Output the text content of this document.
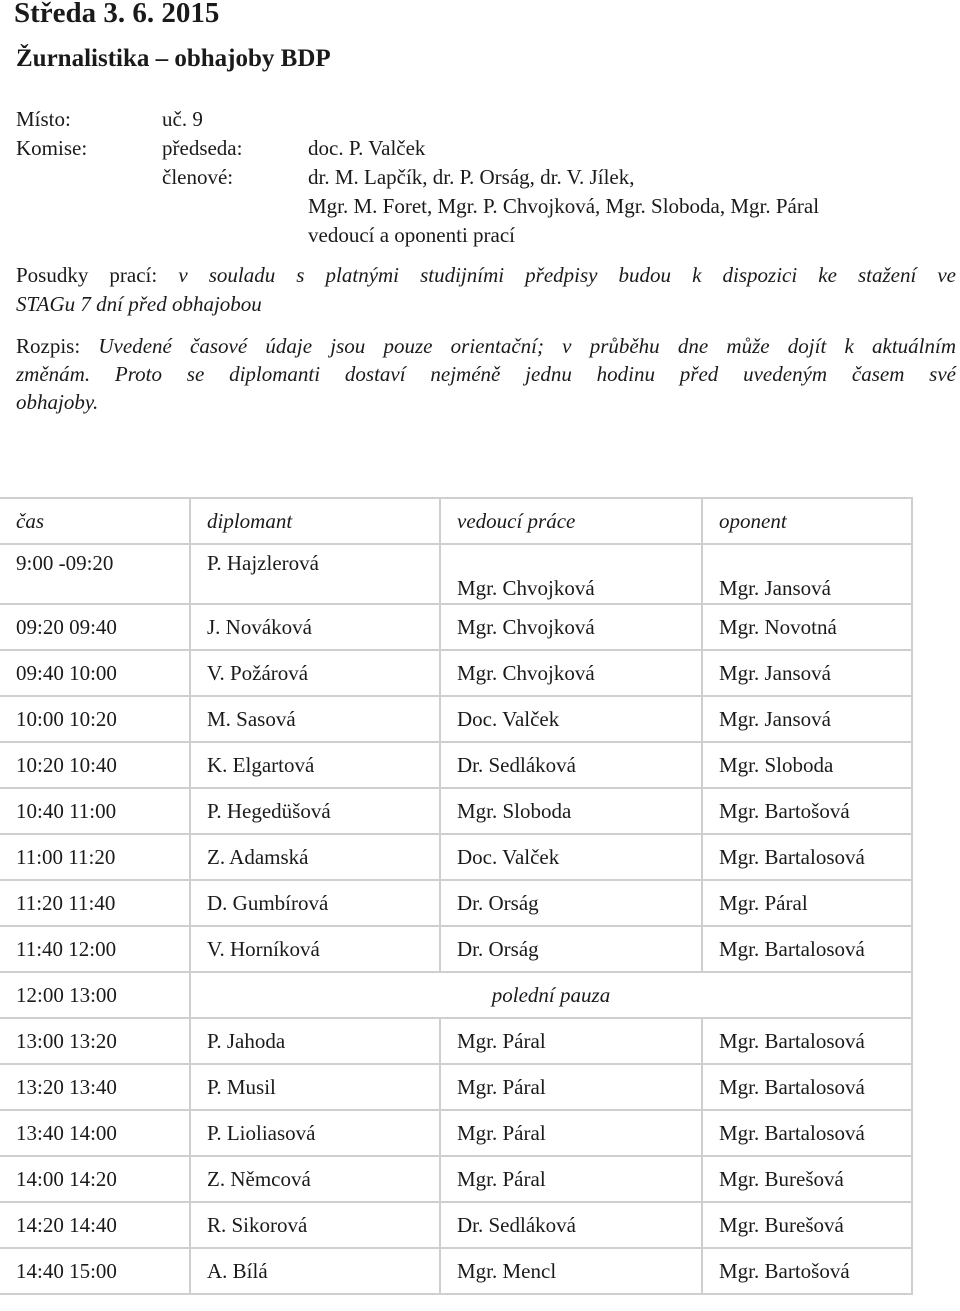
Středa 3. 6. 2015
Žurnalistika – obhajoby BDP
Místo:	uč. 9
Komise:	předseda:	doc. P. Valček
členové:	dr. M. Lapčík, dr. P. Orság, dr. V. Jílek,
Mgr. M. Foret, Mgr. P. Chvojková, Mgr. Sloboda, Mgr. Páral
vedoucí a oponenti prací
Posudky prací: v souladu s platnými studijními předpisy budou k dispozici ke stažení ve
STAGu 7 dní před obhajobou
Rozpis: Uvedené časové údaje jsou pouze orientační; v průběhu dne může dojít k aktuálním
změnám. Proto se diplomanti dostaví nejméně jednu hodinu před uvedeným časem své
obhajoby.
čas	diplomant	vedoucí práce	oponent
9:00 -09:20	P. Hajzlerová	Mgr. Chvojková	Mgr. Jansová
09:20 09:40	J. Nováková	Mgr. Chvojková	Mgr. Novotná
09:40 10:00	V. Požárová	Mgr. Chvojková	Mgr. Jansová
10:00 10:20	M. Sasová	Doc. Valček	Mgr. Jansová
10:20 10:40	K. Elgartová	Dr. Sedláková	Mgr. Sloboda
10:40 11:00	P. Hegedüšová	Mgr. Sloboda	Mgr. Bartošová
11:00 11:20	Z. Adamská	Doc. Valček	Mgr. Bartalosová
11:20 11:40	D. Gumbírová	Dr. Orság	Mgr. Páral
11:40 12:00	V. Horníková	Dr. Orság	Mgr. Bartalosová
12:00 13:00	polední pauza		
13:00 13:20	P. Jahoda	Mgr. Páral	Mgr. Bartalosová
13:20 13:40	P. Musil	Mgr. Páral	Mgr. Bartalosová
13:40 14:00	P. Lioliasová	Mgr. Páral	Mgr. Bartalosová
14:00 14:20	Z. Němcová	Mgr. Páral	Mgr. Burešová
14:20 14:40	R. Sikorová	Dr. Sedláková	Mgr. Burešová
14:40 15:00	A. Bílá	Mgr. Mencl	Mgr. Bartošová
